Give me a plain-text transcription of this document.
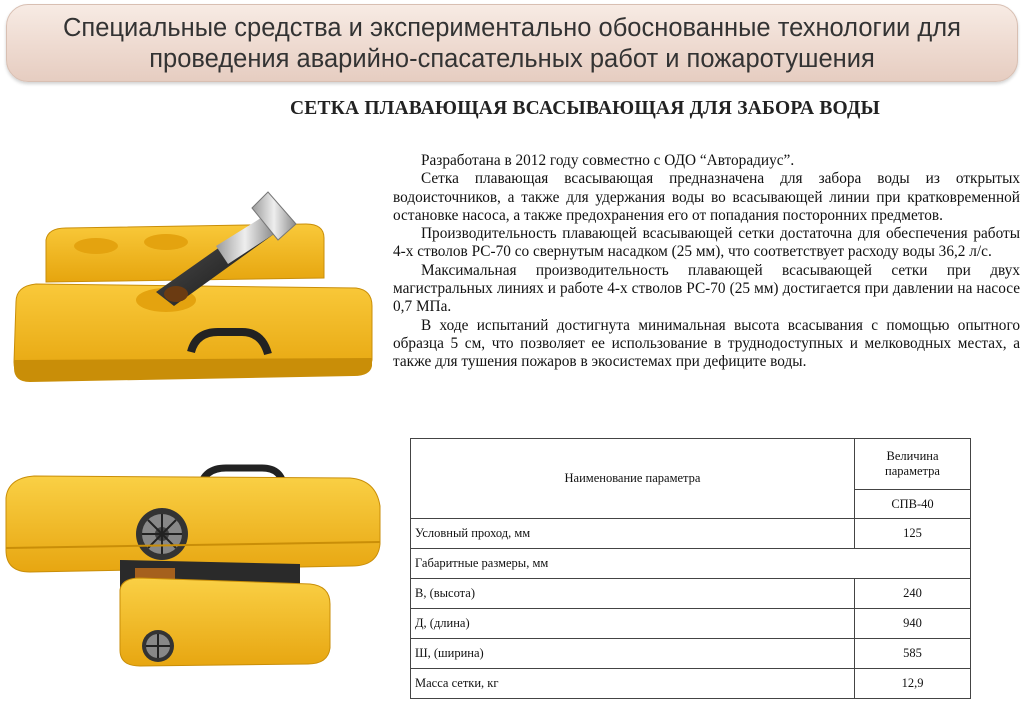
Специальные средства и экспериментально обоснованные технологии для
проведения аварийно-спасательных работ и пожаротушения
СЕТКА ПЛАВАЮЩАЯ ВСАСЫВАЮЩАЯ ДЛЯ ЗАБОРА ВОДЫ

Разработана в 2012 году совместно с ОДО “Авторадиус”.

Сетка плавающая всасывающая предназначена для забора воды из открытых водоисточников, а также для удержания воды во всасывающей линии при кратковременной остановке насоса, а также предохранения его от попадания посторонних предметов.

Производительность плавающей всасывающей сетки достаточна для обеспечения работы 4-х стволов РС-70 со свернутым насадком (25 мм), что соответствует расходу воды 36,2 л/с.

Максимальная производительность плавающей всасывающей сетки при двух магистральных линиях и работе 4-х стволов РС-70 (25 мм) достигается при давлении на насосе 0,7 МПа.

В ходе испытаний достигнута минимальная высота всасывания с помощью опытного образца 5 см, что позволяет ее использование в труднодоступных и мелководных местах, а также для тушения пожаров в экосистемах при дефиците воды.

Наименование параметра	Величина параметра
	СПВ-40
Условный проход, мм	125
Габаритные размеры, мм	
В, (высота)	240
Д, (длина)	940
Ш, (ширина)	585
Масса сетки, кг	12,9
